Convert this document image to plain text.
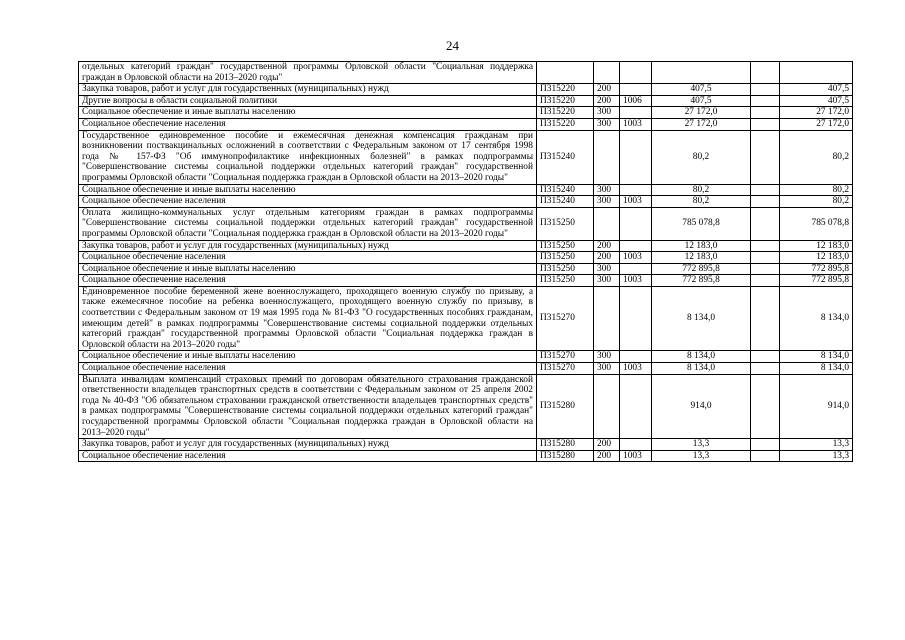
24
отдельных категорий граждан" государственной программы Орловской области "Социальная поддержка граждан в Орловской области на 2013–2020 годы"						
Закупка товаров, работ и услуг для государственных (муниципальных) нужд	П315220	200		407,5		407,5
Другие вопросы в области социальной политики	П315220	200	1006	407,5		407,5
Социальное обеспечение и иные выплаты населению	П315220	300		27 172,0		27 172,0
Социальное обеспечение населения	П315220	300	1003	27 172,0		27 172,0
Государственное единовременное пособие и ежемесячная денежная компенсация гражданам при возникновении поствакцинальных осложнений в соответствии с Федеральным законом от 17 сентября 1998 года № 157-ФЗ "Об иммунопрофилактике инфекционных болезней" в рамках подпрограммы "Совершенствование системы социальной поддержки отдельных категорий граждан" государственной программы Орловской области "Социальная поддержка граждан в Орловской области на 2013–2020 годы"	П315240			80,2		80,2
Социальное обеспечение и иные выплаты населению	П315240	300		80,2		80,2
Социальное обеспечение населения	П315240	300	1003	80,2		80,2
Оплата жилищно-коммунальных услуг отдельным категориям граждан в рамках подпрограммы "Совершенствование системы социальной поддержки отдельных категорий граждан" государственной программы Орловской области "Социальная поддержка граждан в Орловской области на 2013–2020 годы"	П315250			785 078,8		785 078,8
Закупка товаров, работ и услуг для государственных (муниципальных) нужд	П315250	200		12 183,0		12 183,0
Социальное обеспечение населения	П315250	200	1003	12 183,0		12 183,0
Социальное обеспечение и иные выплаты населению	П315250	300		772 895,8		772 895,8
Социальное обеспечение населения	П315250	300	1003	772 895,8		772 895,8
Единовременное пособие беременной жене военнослужащего, проходящего военную службу по призыву, а также ежемесячное пособие на ребенка военнослужащего, проходящего военную службу по призыву, в соответствии с Федеральным законом от 19 мая 1995 года № 81-ФЗ "О государственных пособиях гражданам, имеющим детей" в рамках подпрограммы "Совершенствование системы социальной поддержки отдельных категорий граждан" государственной программы Орловской области "Социальная поддержка граждан в Орловской области на 2013–2020 годы"	П315270			8 134,0		8 134,0
Социальное обеспечение и иные выплаты населению	П315270	300		8 134,0		8 134,0
Социальное обеспечение населения	П315270	300	1003	8 134,0		8 134,0
Выплата инвалидам компенсаций страховых премий по договорам обязательного страхования гражданской ответственности владельцев транспортных средств в соответствии с Федеральным законом от 25 апреля 2002 года № 40-ФЗ "Об обязательном страховании гражданской ответственности владельцев транспортных средств" в рамках подпрограммы "Совершенствование системы социальной поддержки отдельных категорий граждан" государственной программы Орловской области "Социальная поддержка граждан в Орловской области на 2013–2020 годы"	П315280			914,0		914,0
Закупка товаров, работ и услуг для государственных (муниципальных) нужд	П315280	200		13,3		13,3
Социальное обеспечение населения	П315280	200	1003	13,3		13,3
